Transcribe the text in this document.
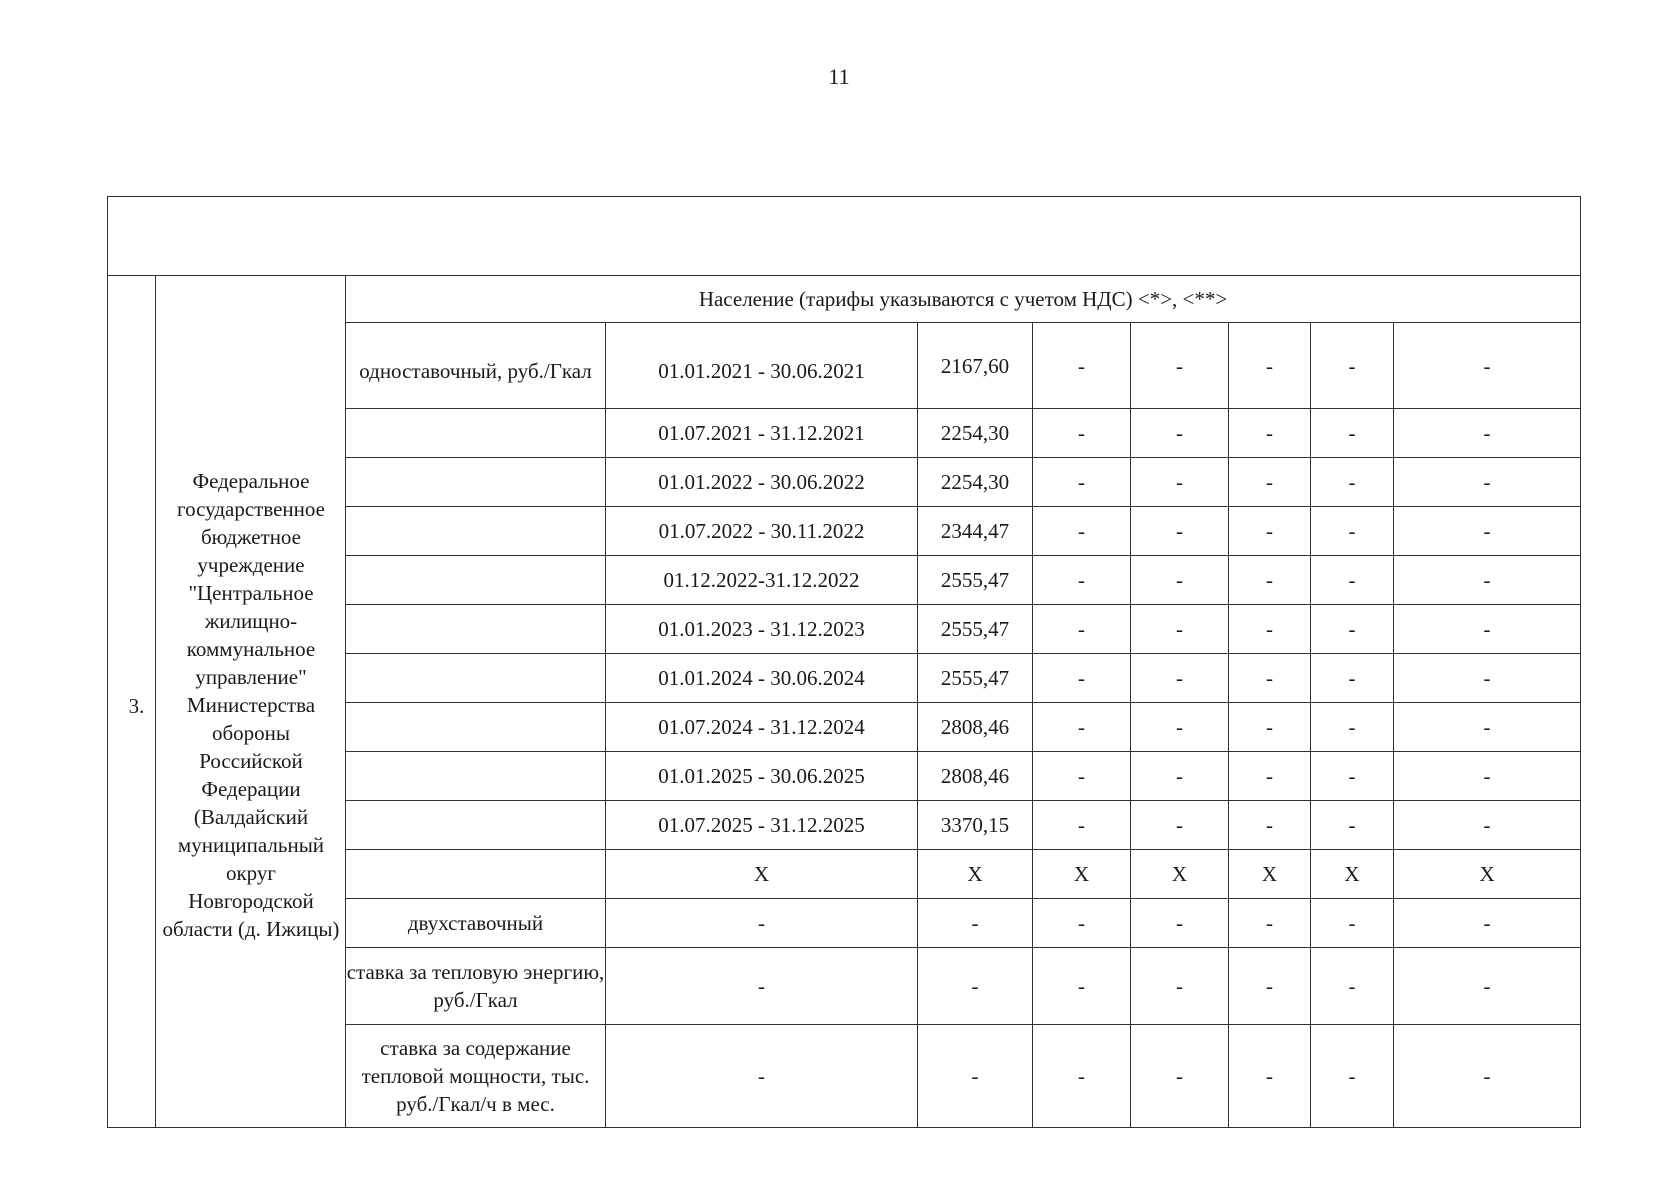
11

3.	Федеральное государственное бюджетное учреждение "Центральное жилищно-коммунальное управление" Министерства обороны Российской Федерации (Валдайский муниципальный округ Новгородской области (д. Ижицы)	Население (тарифы указываются с учетом НДС) <*>, <**>							
		одноставочный, руб./Гкал	01.01.2021 - 30.06.2021	2167,60	-	-	-	-	-
			01.07.2021 - 31.12.2021	2254,30	-	-	-	-	-
			01.01.2022 - 30.06.2022	2254,30	-	-	-	-	-
			01.07.2022 - 30.11.2022	2344,47	-	-	-	-	-
			01.12.2022-31.12.2022	2555,47	-	-	-	-	-
			01.01.2023 - 31.12.2023	2555,47	-	-	-	-	-
			01.01.2024 - 30.06.2024	2555,47	-	-	-	-	-
			01.07.2024 - 31.12.2024	2808,46	-	-	-	-	-
			01.01.2025 - 30.06.2025	2808,46	-	-	-	-	-
			01.07.2025 - 31.12.2025	3370,15	-	-	-	-	-
			X	X	X	X	X	X	X
		двухставочный	-	-	-	-	-	-	-
		ставка за тепловую энергию, руб./Гкал	-	-	-	-	-	-	-
		ставка за содержание тепловой мощности, тыс. руб./Гкал/ч в мес.	-	-	-	-	-	-	-
